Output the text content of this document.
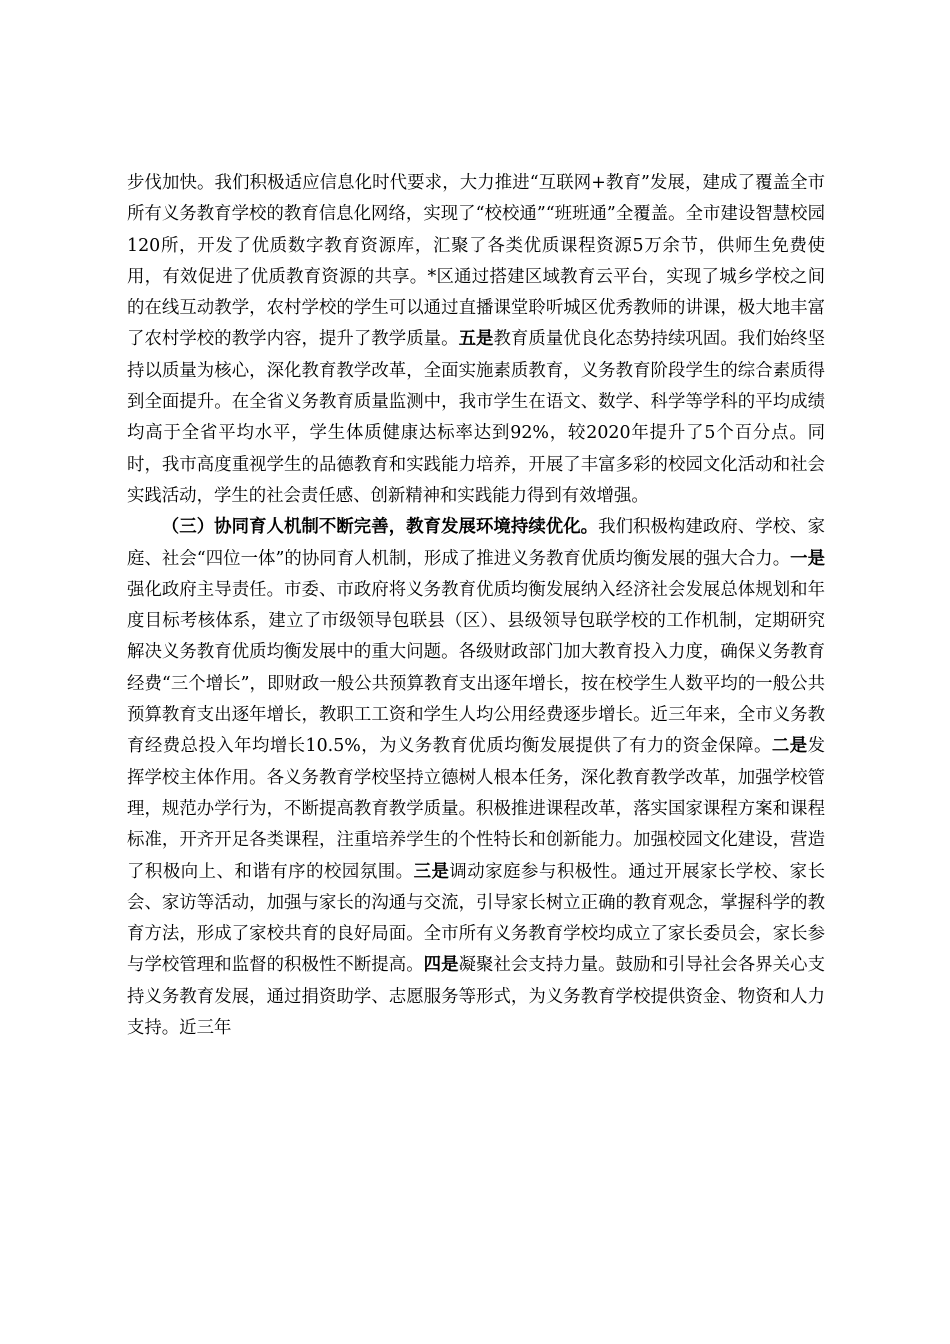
步伐加快。我们积极适应信息化时代要求，大力推进“互联网+教育”发展，建成了覆盖全市所有义务教育学校的教育信息化网络，实现了“校校通”“班班通”全覆盖。全市建设智慧校园120所，开发了优质数字教育资源库，汇聚了各类优质课程资源5万余节，供师生免费使用，有效促进了优质教育资源的共享。*区通过搭建区域教育云平台，实现了城乡学校之间的在线互动教学，农村学校的学生可以通过直播课堂聆听城区优秀教师的讲课，极大地丰富了农村学校的教学内容，提升了教学质量。五是教育质量优良化态势持续巩固。我们始终坚持以质量为核心，深化教育教学改革，全面实施素质教育，义务教育阶段学生的综合素质得到全面提升。在全省义务教育质量监测中，我市学生在语文、数学、科学等学科的平均成绩均高于全省平均水平，学生体质健康达标率达到92%，较2020年提升了5个百分点。同时，我市高度重视学生的品德教育和实践能力培养，开展了丰富多彩的校园文化活动和社会实践活动，学生的社会责任感、创新精神和实践能力得到有效增强。

（三）协同育人机制不断完善，教育发展环境持续优化。我们积极构建政府、学校、家庭、社会“四位一体”的协同育人机制，形成了推进义务教育优质均衡发展的强大合力。一是强化政府主导责任。市委、市政府将义务教育优质均衡发展纳入经济社会发展总体规划和年度目标考核体系，建立了市级领导包联县（区）、县级领导包联学校的工作机制，定期研究解决义务教育优质均衡发展中的重大问题。各级财政部门加大教育投入力度，确保义务教育经费“三个增长”，即财政一般公共预算教育支出逐年增长，按在校学生人数平均的一般公共预算教育支出逐年增长，教职工工资和学生人均公用经费逐步增长。近三年来，全市义务教育经费总投入年均增长10.5%，为义务教育优质均衡发展提供了有力的资金保障。二是发挥学校主体作用。各义务教育学校坚持立德树人根本任务，深化教育教学改革，加强学校管理，规范办学行为，不断提高教育教学质量。积极推进课程改革，落实国家课程方案和课程标准，开齐开足各类课程，注重培养学生的个性特长和创新能力。加强校园文化建设，营造了积极向上、和谐有序的校园氛围。三是调动家庭参与积极性。通过开展家长学校、家长会、家访等活动，加强与家长的沟通与交流，引导家长树立正确的教育观念，掌握科学的教育方法，形成了家校共育的良好局面。全市所有义务教育学校均成立了家长委员会，家长参与学校管理和监督的积极性不断提高。四是凝聚社会支持力量。鼓励和引导社会各界关心支持义务教育发展，通过捐资助学、志愿服务等形式，为义务教育学校提供资金、物资和人力支持。近三年
